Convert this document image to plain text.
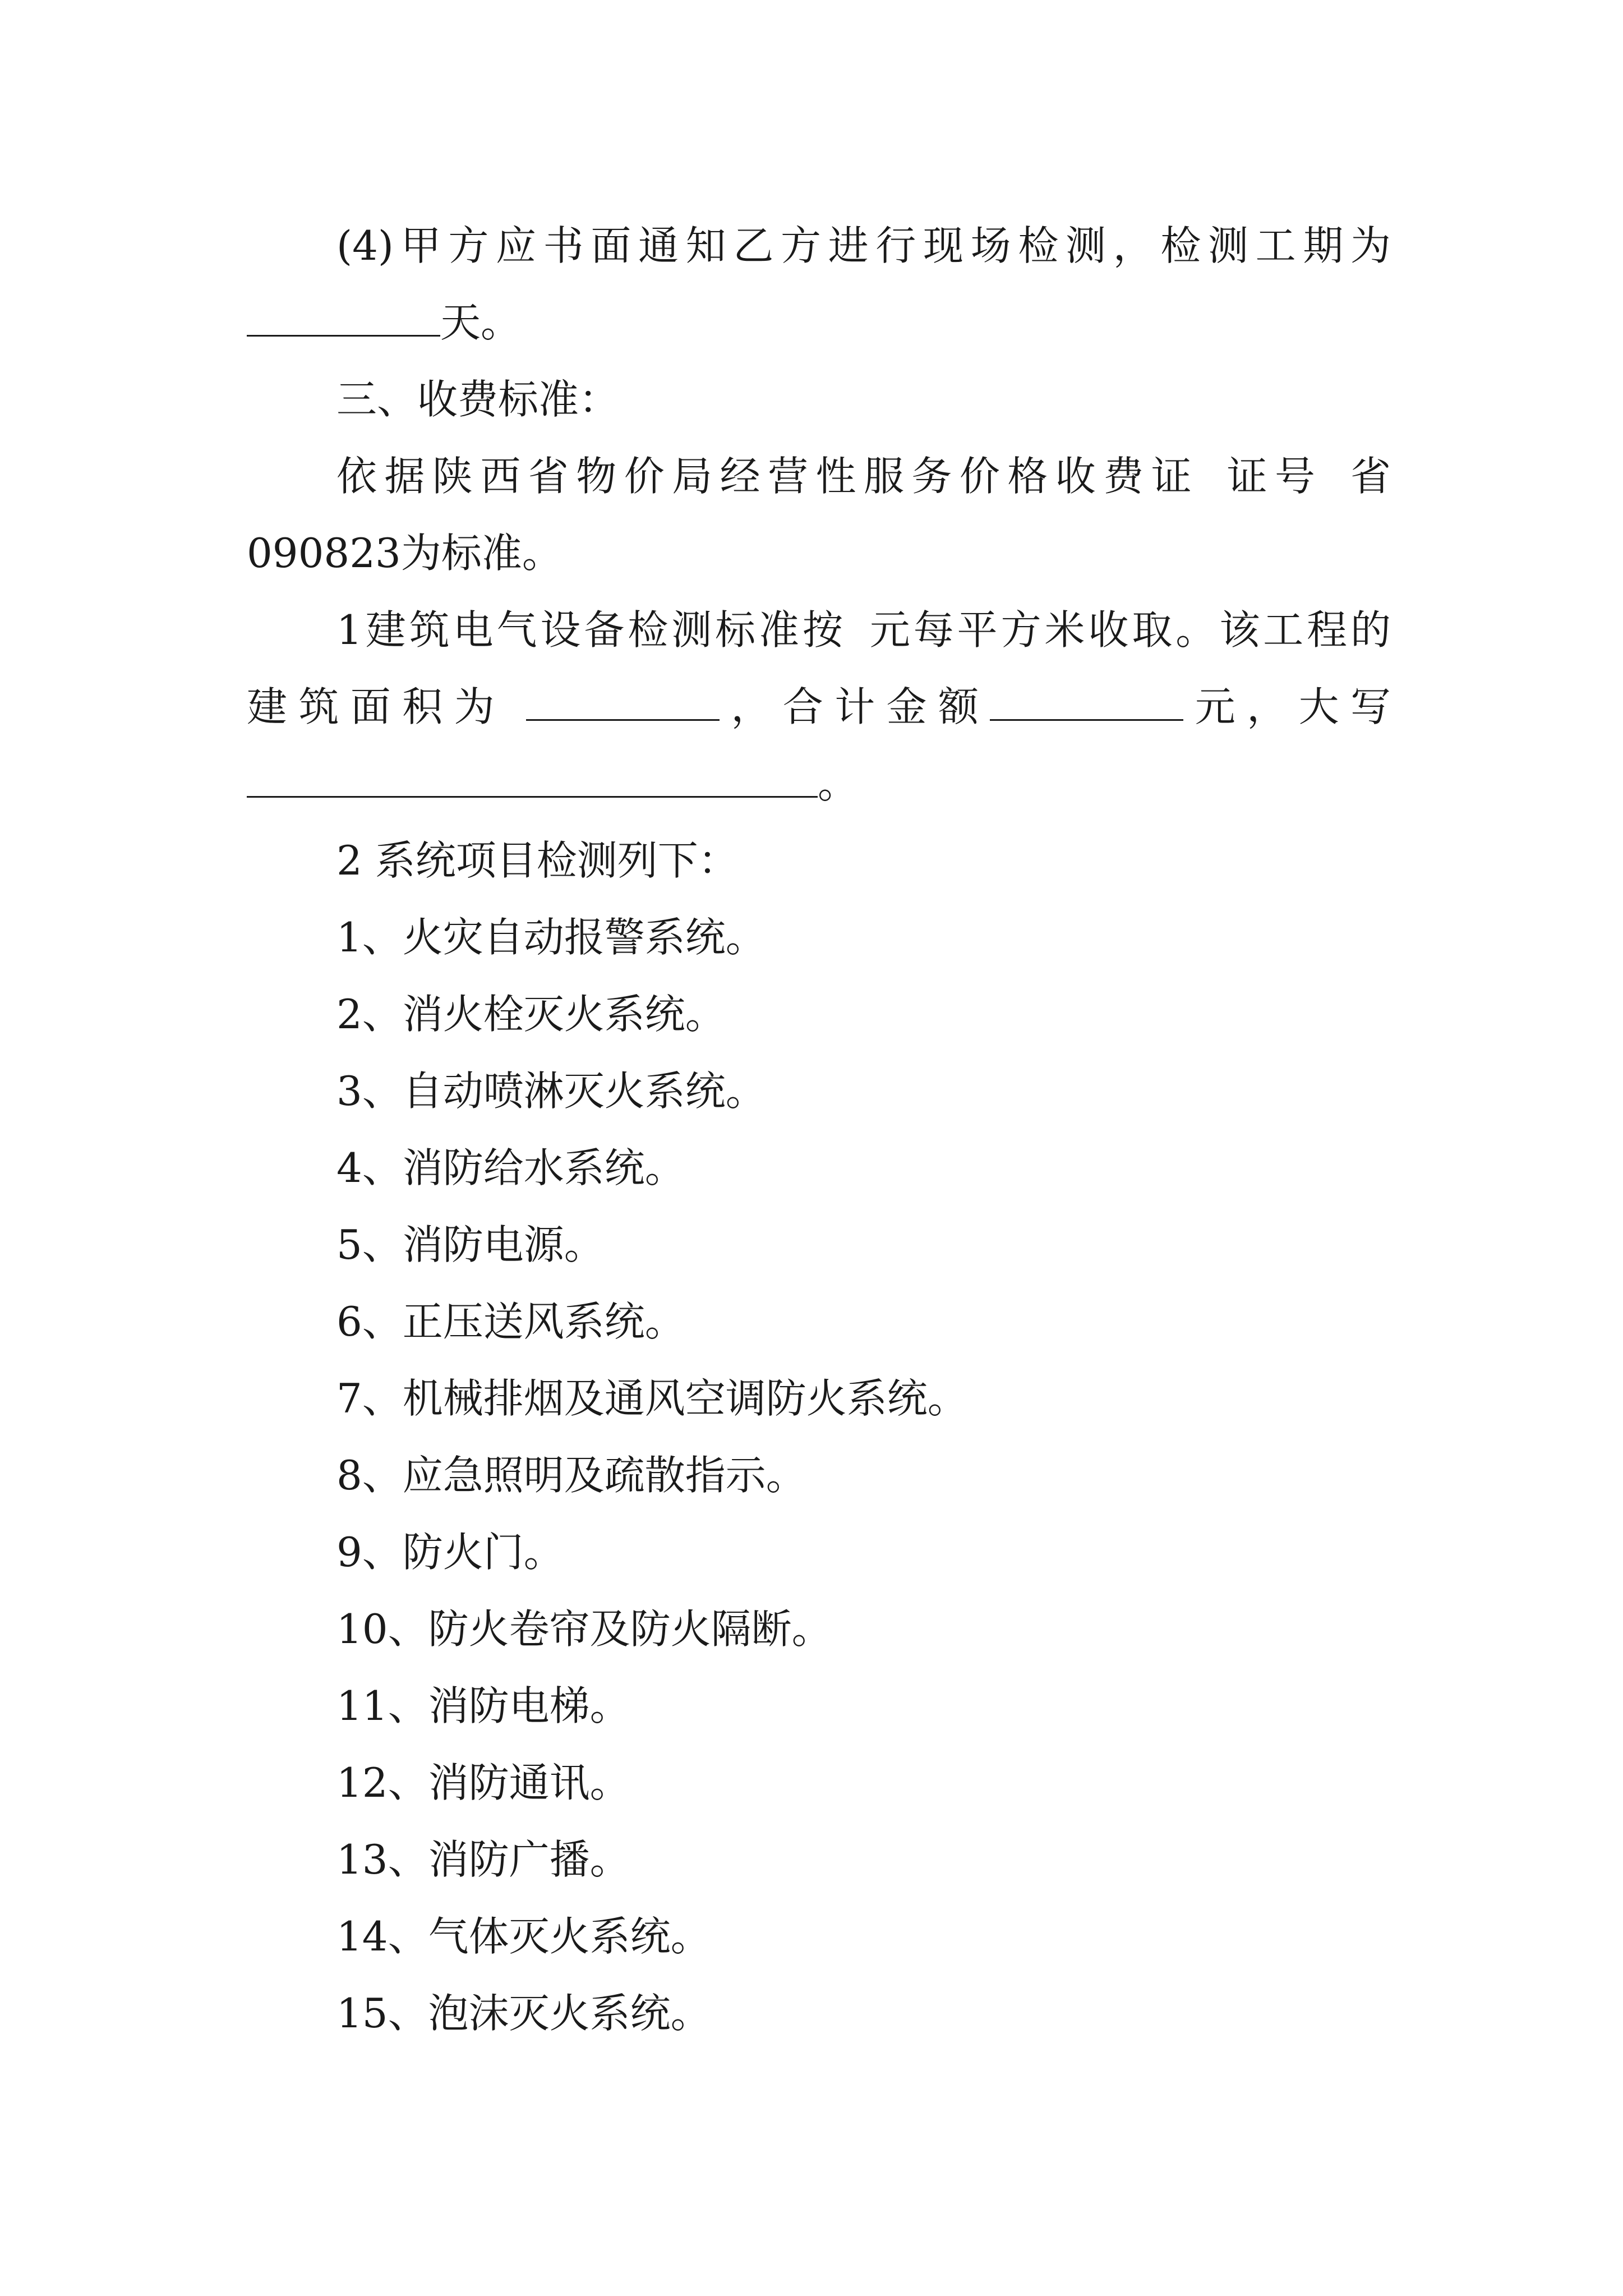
(4)甲方应书面通知乙方进行现场检测，检测工期为
天。
三、收费标准：
依据陕西省物价局经营性服务价格收费证 证号 省
090823为标准。
1建筑电气设备检测标准按 元每平方米收取。该工程的
建筑面积为	，合计金额	元，大写
。
2 系统项目检测列下：
1、火灾自动报警系统。
2、消火栓灭火系统。
3、自动喷淋灭火系统。
4、消防给水系统。
5、消防电源。
6、正压送风系统。
7、机械排烟及通风空调防火系统。
8、应急照明及疏散指示。
9、防火门。
10、防火卷帘及防火隔断。
11、消防电梯。
12、消防通讯。
13、消防广播。
14、气体灭火系统。
15、泡沫灭火系统。
